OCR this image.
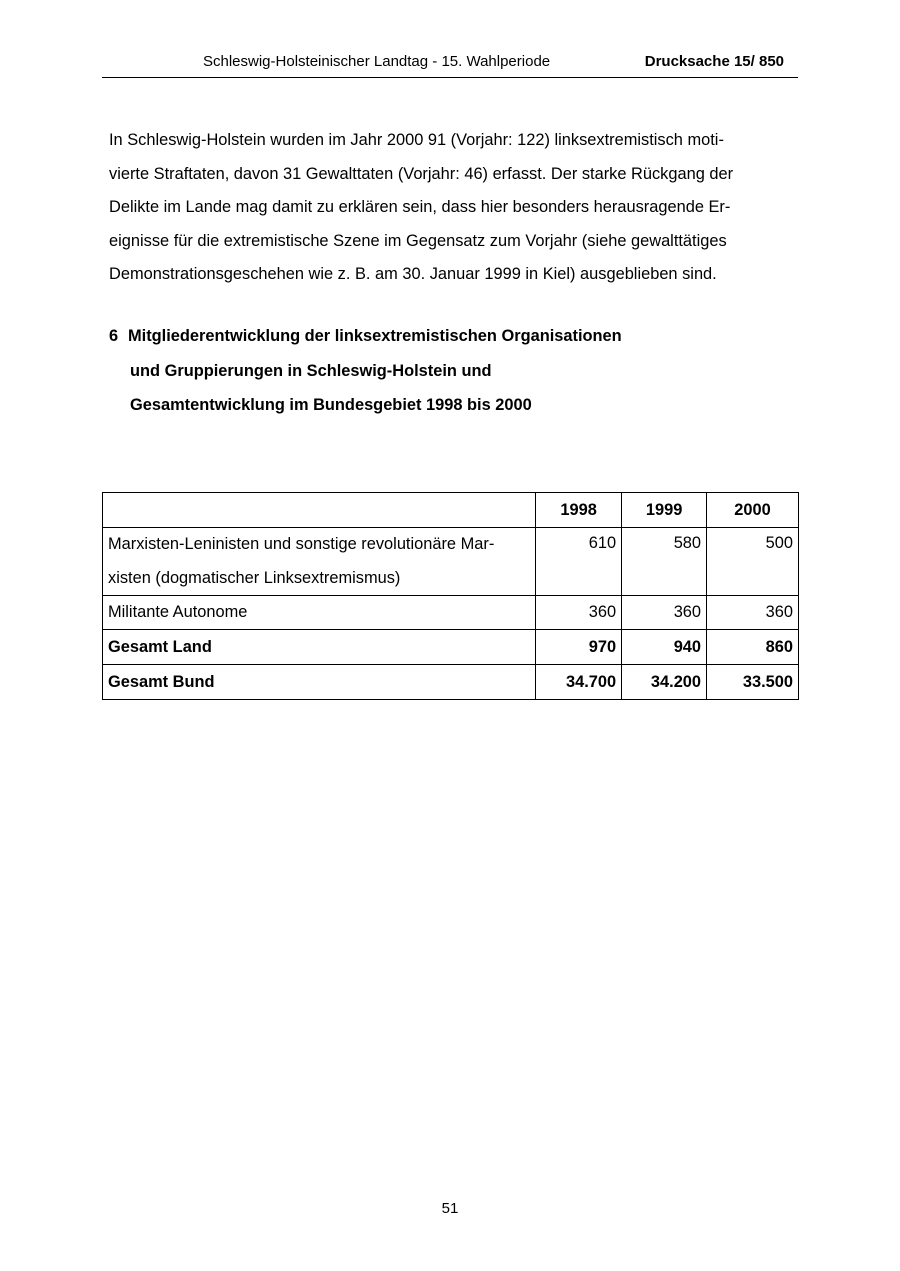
Schleswig-Holsteinischer Landtag - 15. Wahlperiode	Drucksache 15/ 850
In Schleswig-Holstein wurden im Jahr 2000 91 (Vorjahr: 122) linksextremistisch moti-
vierte Straftaten, davon 31 Gewalttaten (Vorjahr: 46) erfasst. Der starke Rückgang der
Delikte im Lande mag damit zu erklären sein, dass hier besonders herausragende Er-
eignisse für die extremistische Szene im Gegensatz zum Vorjahr (siehe gewalttätiges
Demonstrationsgeschehen wie z. B. am 30. Januar 1999 in Kiel) ausgeblieben sind.
6 Mitgliederentwicklung der linksextremistischen Organisationen
und Gruppierungen in Schleswig-Holstein und
Gesamtentwicklung im Bundesgebiet 1998 bis 2000
	1998	1999	2000

Marxisten-Leninisten und sonstige revolutionäre Mar-
xisten (dogmatischer Linksextremismus)	610	580	500
Militante Autonome	360	360	360
Gesamt Land	970	940	860
Gesamt Bund	34.700	34.200	33.500
51
